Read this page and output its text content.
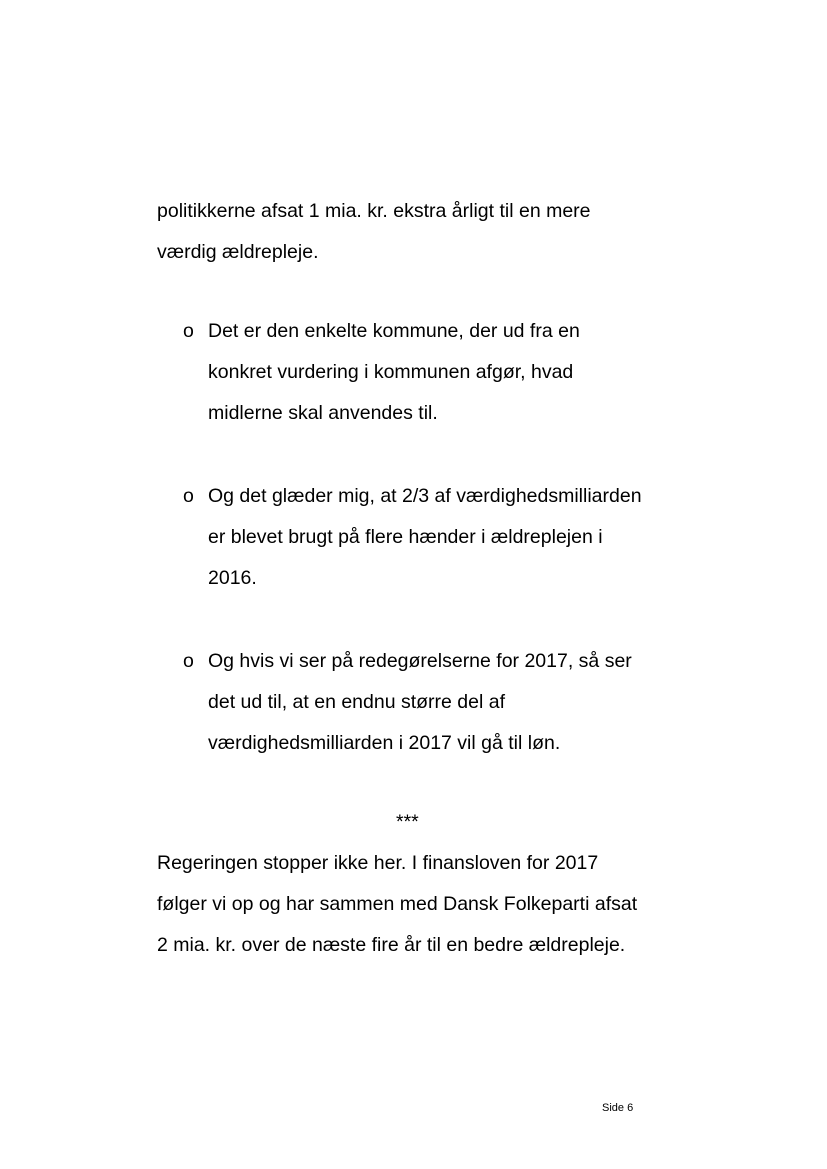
politikkerne afsat 1 mia. kr. ekstra årligt til en mere
værdig ældrepleje.
o Det er den enkelte kommune, der ud fra en
konkret vurdering i kommunen afgør, hvad
midlerne skal anvendes til.
o Og det glæder mig, at 2/3 af værdighedsmilliarden
er blevet brugt på flere hænder i ældreplejen i
2016.
o Og hvis vi ser på redegørelserne for 2017, så ser
det ud til, at en endnu større del af
værdighedsmilliarden i 2017 vil gå til løn.
***
Regeringen stopper ikke her. I finansloven for 2017
følger vi op og har sammen med Dansk Folkeparti afsat
2 mia. kr. over de næste fire år til en bedre ældrepleje.
Side 6
